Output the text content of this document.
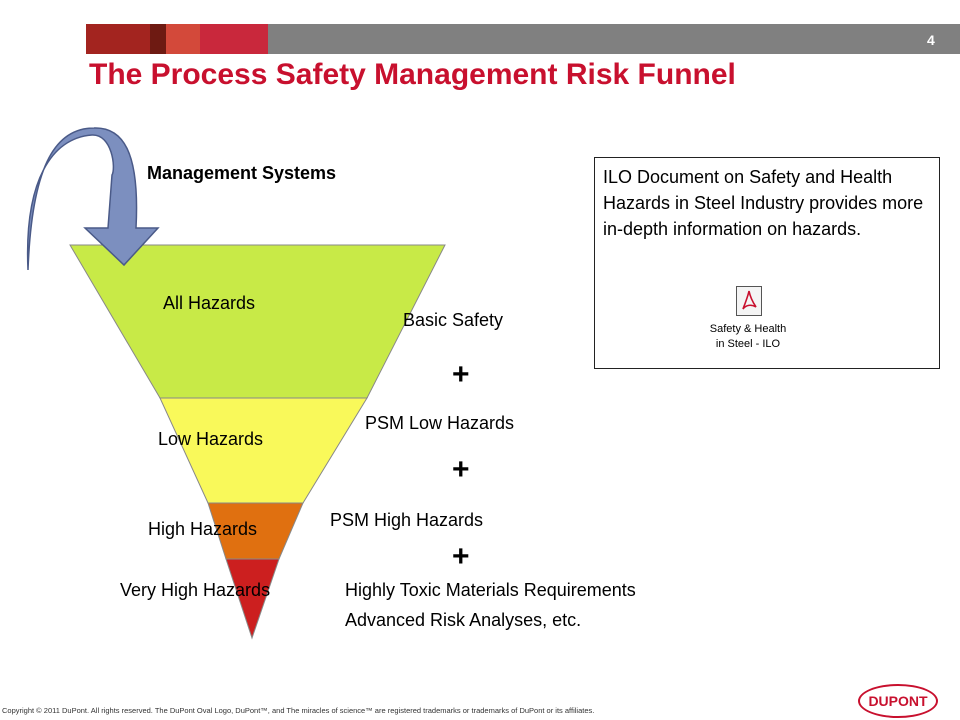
4
The Process Safety Management Risk Funnel
Management Systems
All Hazards
Low Hazards
High Hazards
Very High Hazards
Basic Safety
+
PSM Low Hazards
+
PSM High Hazards
+
Highly Toxic Materials Requirements
Advanced Risk Analyses, etc.
ILO Document on Safety and Health Hazards in Steel Industry provides more in-depth information on hazards.
Safety & Health
in Steel - ILO
Copyright © 2011 DuPont. All rights reserved. The DuPont Oval Logo, DuPont™, and The miracles of science™ are registered trademarks or trademarks of DuPont or its affiliates.
DUPONT
